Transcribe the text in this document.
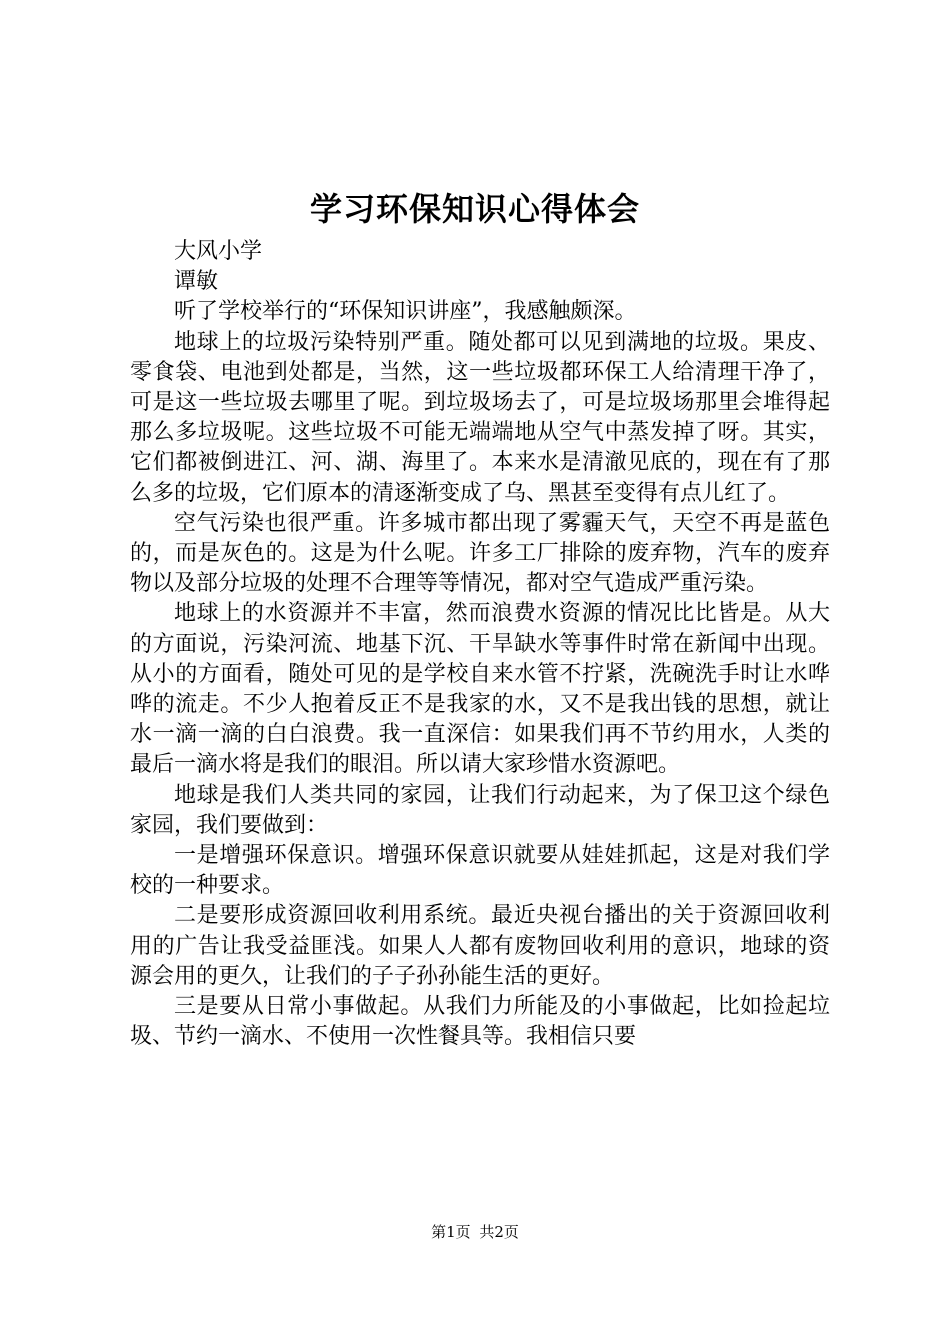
学习环保知识心得体会

大风小学

谭敏

听了学校举行的“环保知识讲座”，我感触颇深。

地球上的垃圾污染特别严重。随处都可以见到满地的垃圾。果皮、零食袋、电池到处都是，当然，这一些垃圾都环保工人给清理干净了，可是这一些垃圾去哪里了呢。到垃圾场去了，可是垃圾场那里会堆得起那么多垃圾呢。这些垃圾不可能无端端地从空气中蒸发掉了呀。其实，它们都被倒进江、河、湖、海里了。本来水是清澈见底的，现在有了那么多的垃圾，它们原本的清逐渐变成了乌、黑甚至变得有点儿红了。

空气污染也很严重。许多城市都出现了雾霾天气，天空不再是蓝色的，而是灰色的。这是为什么呢。许多工厂排除的废弃物，汽车的废弃物以及部分垃圾的处理不合理等等情况，都对空气造成严重污染。

地球上的水资源并不丰富，然而浪费水资源的情况比比皆是。从大的方面说，污染河流、地基下沉、干旱缺水等事件时常在新闻中出现。从小的方面看，随处可见的是学校自来水管不拧紧，洗碗洗手时让水哗哗的流走。不少人抱着反正不是我家的水，又不是我出钱的思想，就让水一滴一滴的白白浪费。我一直深信：如果我们再不节约用水，人类的最后一滴水将是我们的眼泪。所以请大家珍惜水资源吧。

地球是我们人类共同的家园，让我们行动起来，为了保卫这个绿色家园，我们要做到：

一是增强环保意识。增强环保意识就要从娃娃抓起，这是对我们学校的一种要求。

二是要形成资源回收利用系统。最近央视台播出的关于资源回收利用的广告让我受益匪浅。如果人人都有废物回收利用的意识，地球的资源会用的更久，让我们的子子孙孙能生活的更好。

三是要从日常小事做起。从我们力所能及的小事做起，比如捡起垃圾、节约一滴水、不使用一次性餐具等。我相信只要

第1页 共2页
